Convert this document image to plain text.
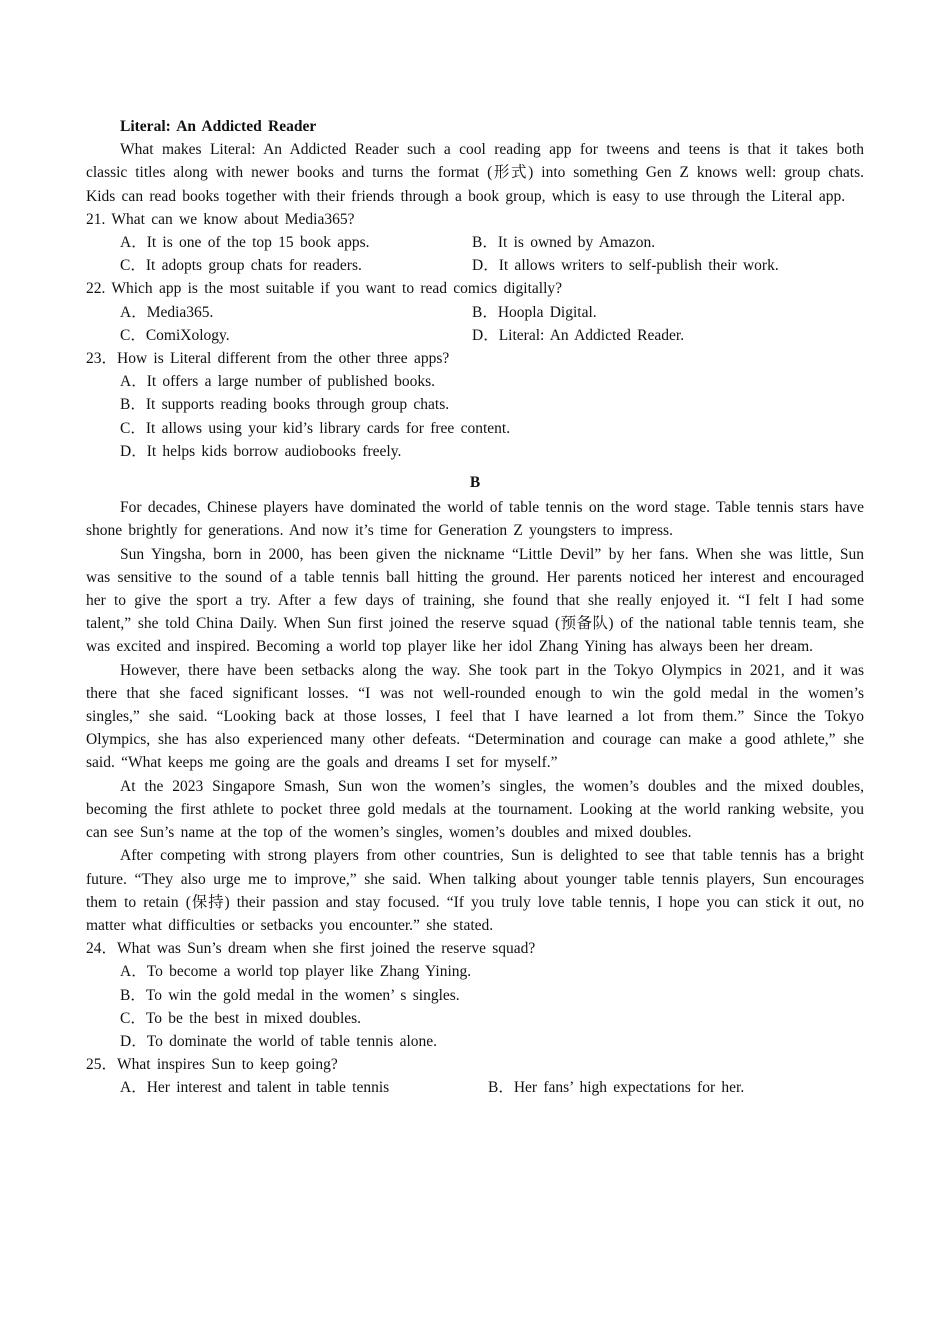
Literal: An Addicted Reader

What makes Literal: An Addicted Reader such a cool reading app for tweens and teens is that it takes both classic titles along with newer books and turns the format (形式) into something Gen Z knows well: group chats. Kids can read books together with their friends through a book group, which is easy to use through the Literal app.

21. What can we know about Media365?
A．It is one of the top 15 book apps.	B．It is owned by Amazon.
C．It adopts group chats for readers.	D．It allows writers to self-publish their work.
22. Which app is the most suitable if you want to read comics digitally?
A．Media365.	B．Hoopla Digital.
C．ComiXology.	D．Literal: An Addicted Reader.
23．How is Literal different from the other three apps?
A．It offers a large number of published books.
B．It supports reading books through group chats.
C．It allows using your kid’s library cards for free content.
D．It helps kids borrow audiobooks freely.
B

For decades, Chinese players have dominated the world of table tennis on the word stage. Table tennis stars have shone brightly for generations. And now it’s time for Generation Z youngsters to impress.

Sun Yingsha, born in 2000, has been given the nickname “Little Devil” by her fans. When she was little, Sun was sensitive to the sound of a table tennis ball hitting the ground. Her parents noticed her interest and encouraged her to give the sport a try. After a few days of training, she found that she really enjoyed it. “I felt I had some talent,” she told China Daily. When Sun first joined the reserve squad (预备队) of the national table tennis team, she was excited and inspired. Becoming a world top player like her idol Zhang Yining has always been her dream.

However, there have been setbacks along the way. She took part in the Tokyo Olympics in 2021, and it was there that she faced significant losses. “I was not well-rounded enough to win the gold medal in the women’s singles,” she said. “Looking back at those losses, I feel that I have learned a lot from them.” Since the Tokyo Olympics, she has also experienced many other defeats. “Determination and courage can make a good athlete,” she said. “What keeps me going are the goals and dreams I set for myself.”

At the 2023 Singapore Smash, Sun won the women’s singles, the women’s doubles and the mixed doubles, becoming the first athlete to pocket three gold medals at the tournament. Looking at the world ranking website, you can see Sun’s name at the top of the women’s singles, women’s doubles and mixed doubles.

After competing with strong players from other countries, Sun is delighted to see that table tennis has a bright future. “They also urge me to improve,” she said. When talking about younger table tennis players, Sun encourages them to retain (保持) their passion and stay focused. “If you truly love table tennis, I hope you can stick it out, no matter what difficulties or setbacks you encounter.” she stated.

24．What was Sun’s dream when she first joined the reserve squad?
A．To become a world top player like Zhang Yining.
B．To win the gold medal in the women’ s singles.
C．To be the best in mixed doubles.
D．To dominate the world of table tennis alone.
25．What inspires Sun to keep going?
A．Her interest and talent in table tennis	B．Her fans’ high expectations for her.
